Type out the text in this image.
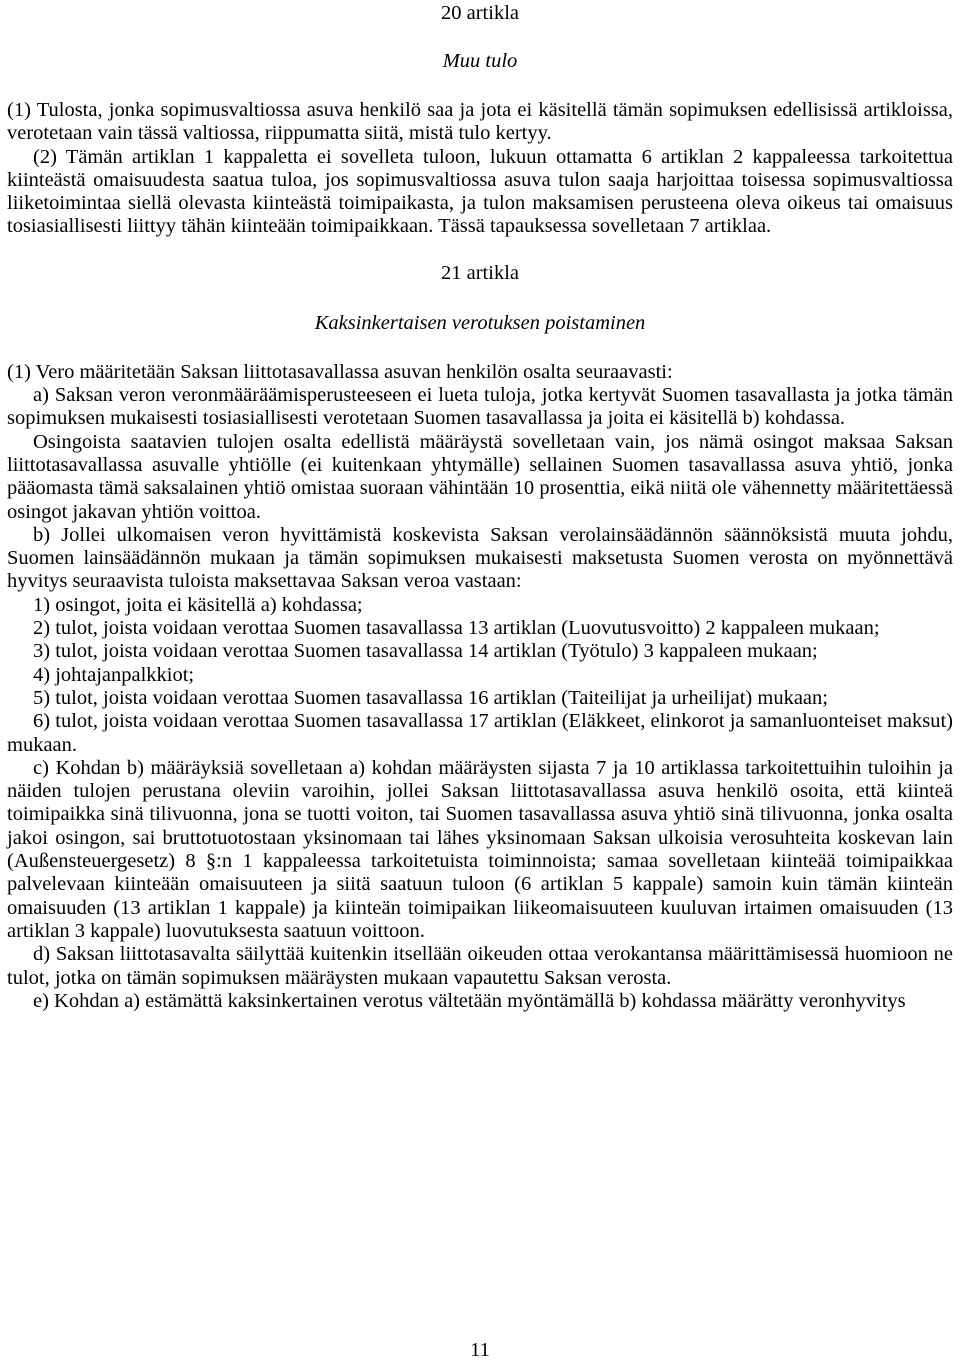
20 artikla

Muu tulo

(1) Tulosta, jonka sopimusvaltiossa asuva henkilö saa ja jota ei käsitellä tämän sopimuksen edellisissä artikloissa, verotetaan vain tässä valtiossa, riippumatta siitä, mistä tulo kertyy.

(2) Tämän artiklan 1 kappaletta ei sovelleta tuloon, lukuun ottamatta 6 artiklan 2 kappaleessa tarkoitettua kiinteästä omaisuudesta saatua tuloa, jos sopimusvaltiossa asuva tulon saaja harjoittaa toisessa sopimusvaltiossa liiketoimintaa siellä olevasta kiinteästä toimipaikasta, ja tulon maksamisen perusteena oleva oikeus tai omaisuus tosiasiallisesti liittyy tähän kiinteään toimipaikkaan. Tässä tapauksessa sovelletaan 7 artiklaa.

21 artikla

Kaksinkertaisen verotuksen poistaminen

(1) Vero määritetään Saksan liittotasavallassa asuvan henkilön osalta seuraavasti:

a) Saksan veron veronmääräämisperusteeseen ei lueta tuloja, jotka kertyvät Suomen tasavallasta ja jotka tämän sopimuksen mukaisesti tosiasiallisesti verotetaan Suomen tasavallassa ja joita ei käsitellä b) kohdassa.

Osingoista saatavien tulojen osalta edellistä määräystä sovelletaan vain, jos nämä osingot maksaa Saksan liittotasavallassa asuvalle yhtiölle (ei kuitenkaan yhtymälle) sellainen Suomen tasavallassa asuva yhtiö, jonka pääomasta tämä saksalainen yhtiö omistaa suoraan vähintään 10 prosenttia, eikä niitä ole vähennetty määritettäessä osingot jakavan yhtiön voittoa.

b) Jollei ulkomaisen veron hyvittämistä koskevista Saksan verolainsäädännön säännöksistä muuta johdu, Suomen lainsäädännön mukaan ja tämän sopimuksen mukaisesti maksetusta Suomen verosta on myönnettävä hyvitys seuraavista tuloista maksettavaa Saksan veroa vastaan:

1) osingot, joita ei käsitellä a) kohdassa;

2) tulot, joista voidaan verottaa Suomen tasavallassa 13 artiklan (Luovutusvoitto) 2 kappaleen mukaan;

3) tulot, joista voidaan verottaa Suomen tasavallassa 14 artiklan (Työtulo) 3 kappaleen mukaan;

4) johtajanpalkkiot;

5) tulot, joista voidaan verottaa Suomen tasavallassa 16 artiklan (Taiteilijat ja urheilijat) mukaan;

6) tulot, joista voidaan verottaa Suomen tasavallassa 17 artiklan (Eläkkeet, elinkorot ja samanluonteiset maksut) mukaan.

c) Kohdan b) määräyksiä sovelletaan a) kohdan määräysten sijasta 7 ja 10 artiklassa tarkoitettuihin tuloihin ja näiden tulojen perustana oleviin varoihin, jollei Saksan liittotasavallassa asuva henkilö osoita, että kiinteä toimipaikka sinä tilivuonna, jona se tuotti voiton, tai Suomen tasavallassa asuva yhtiö sinä tilivuonna, jonka osalta jakoi osingon, sai bruttotuotostaan yksinomaan tai lähes yksinomaan Saksan ulkoisia verosuhteita koskevan lain (Außensteuergesetz) 8 §:n 1 kappaleessa tarkoitetuista toiminnoista; samaa sovelletaan kiinteää toimipaikkaa palvelevaan kiinteään omaisuuteen ja siitä saatuun tuloon (6 artiklan 5 kappale) samoin kuin tämän kiinteän omaisuuden (13 artiklan 1 kappale) ja kiinteän toimipaikan liikeomaisuuteen kuuluvan irtaimen omaisuuden (13 artiklan 3 kappale) luovutuksesta saatuun voittoon.

d) Saksan liittotasavalta säilyttää kuitenkin itsellään oikeuden ottaa verokantansa määrittämisessä huomioon ne tulot, jotka on tämän sopimuksen määräysten mukaan vapautettu Saksan verosta.

e) Kohdan a) estämättä kaksinkertainen verotus vältetään myöntämällä b) kohdassa määrätty veronhyvitys

11
